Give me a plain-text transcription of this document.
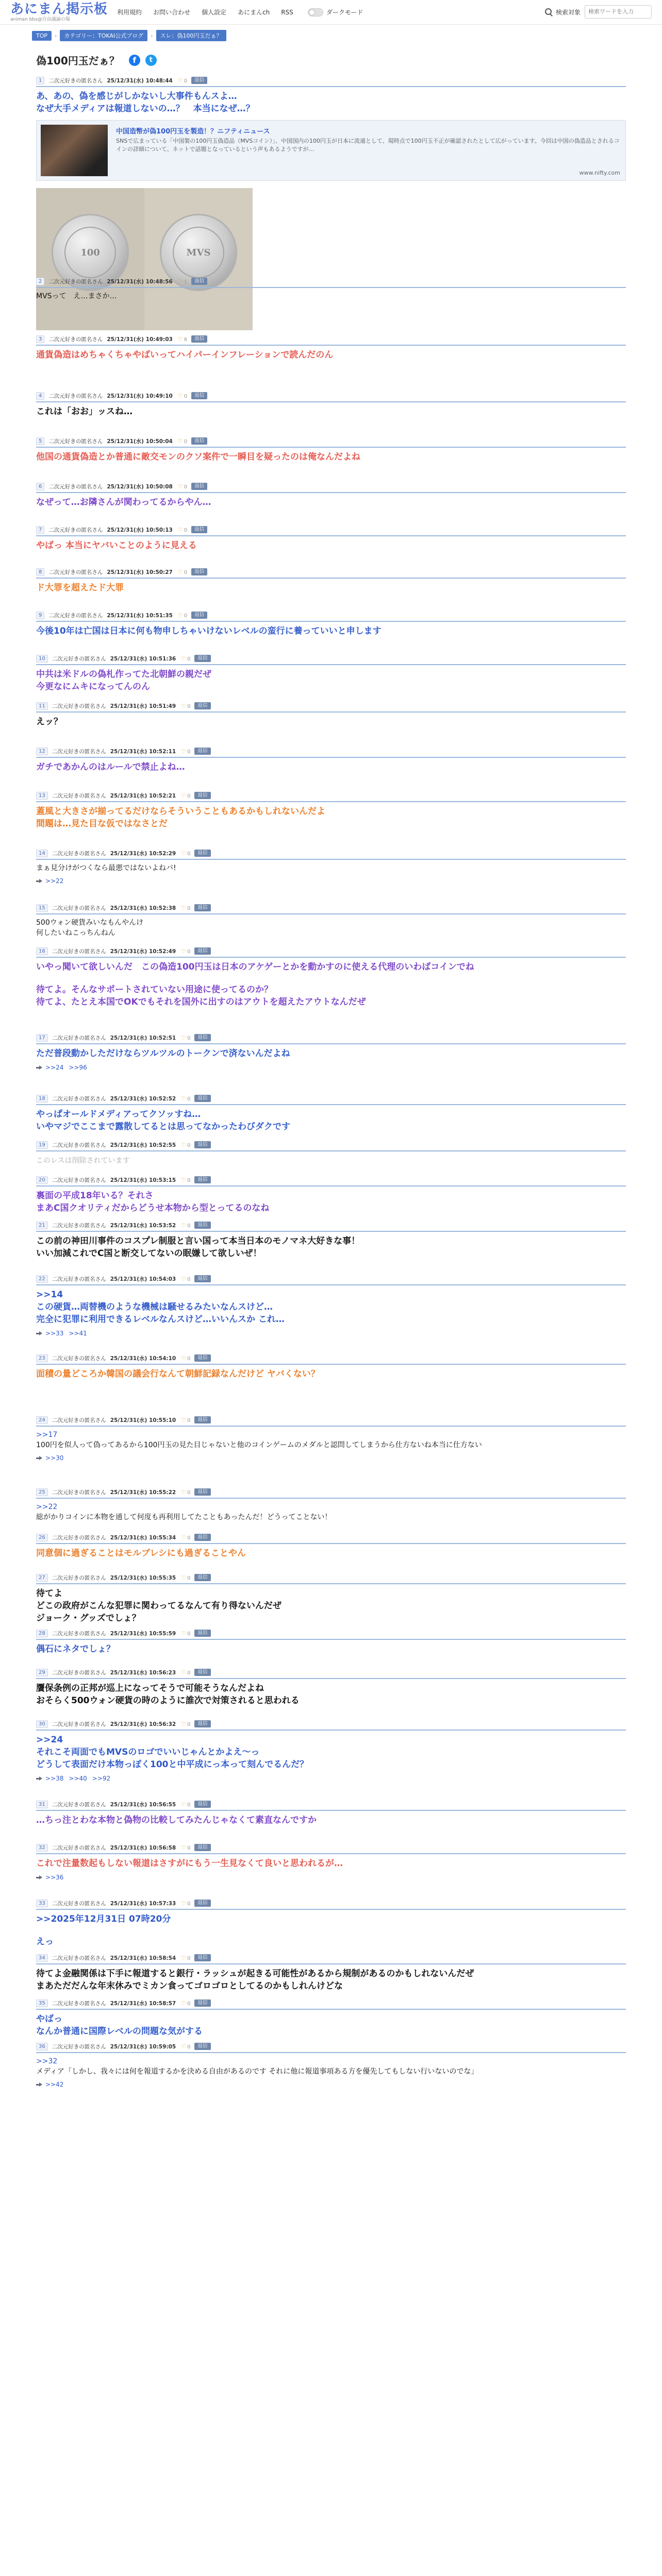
あにまん掲示板
animan bbs@自由議論の場
利用規約 お問い合わせ 個人設定 あにまんch RSS	ダークモード	検索対象
検索ワードを入力
TOP	›	カテゴリー：TOKAI公式ブログ	›	スレ：偽100円玉だぁ？
偽100円玉だぁ？	f	t
1	二次元好きの匿名さん 25/12/31(水) 10:48:44 ♡ 0	返信
あ、あの、偽を感じがしかないし大事件もんスよ…
なぜ大手メディアは報道しないの…？　本当になぜ…？
中国造幣が偽100円玉を製造！？ニフティニュース
SNSで広まっている「中国製の100円玉偽造品（MVSコイン）」、中国国内の100円玉が日本に流通として、現時点で100円玉不正が確認されたとして広がっています。今回は中国の偽造品とされるコインの詳細について、ネットで話題となっているという声もあるようですが…
www.nifty.com
100	MVS
2	二次元好きの匿名さん 25/12/31(水) 10:48:56 ♡ 1	返信
MVSって　え…まさか…
3	二次元好きの匿名さん 25/12/31(水) 10:49:03 ♡ 6	返信
通貨偽造はめちゃくちゃやばいってハイパーインフレーションで読んだのん
4	二次元好きの匿名さん 25/12/31(水) 10:49:10 ♡ 0	返信
これは「おお」ッスね…
5	二次元好きの匿名さん 25/12/31(水) 10:50:04 ♡ 0	返信
他国の通貨偽造とか普通に敵交モンのクソ案件で一瞬目を疑ったのは俺なんだよね
6	二次元好きの匿名さん 25/12/31(水) 10:50:08 ♡ 0	返信
なぜって…お隣さんが関わってるからやん…
7	二次元好きの匿名さん 25/12/31(水) 10:50:13 ♡ 0	返信
やばっ 本当にヤバいことのように見える
8	二次元好きの匿名さん 25/12/31(水) 10:50:27 ♡ 0	返信
ド大罪を超えたド大罪
9	二次元好きの匿名さん 25/12/31(水) 10:51:35 ♡ 0	返信
今後10年は亡国は日本に何も物申しちゃいけないレベルの蛮行に養っていいと申します
10	二次元好きの匿名さん 25/12/31(水) 10:51:36 ♡ 0	返信
中共は米ドルの偽札作ってた北朝鮮の親だぜ
今更なにムキになってんのん
11	二次元好きの匿名さん 25/12/31(水) 10:51:49 ♡ 0	返信
えッ？
12	二次元好きの匿名さん 25/12/31(水) 10:52:11 ♡ 0	返信
ガチであかんのはルールで禁止よね…
13	二次元好きの匿名さん 25/12/31(水) 10:52:21 ♡ 0	返信
蓋風と大きさが揃ってるだけならそういうこともあるかもしれないんだよ
間題は…見た目な仮ではなさとだ
14	二次元好きの匿名さん 25/12/31(水) 10:52:29 ♡ 0	返信
まぁ見分けがつくなら最悪ではないよねバ!
>>22
15	二次元好きの匿名さん 25/12/31(水) 10:52:38 ♡ 0	返信
500ウォン硬貨みいなもんやんけ
何したいねこっちんねん
16	二次元好きの匿名さん 25/12/31(水) 10:52:49 ♡ 0	返信
いやっ聞いて欲しいんだ　この偽造100円玉は日本のアケゲーとかを動かすのに使える代理のいわばコインでね
待てよ。そんなサポートされていない用途に使ってるのか？
待てよ、たとえ本国でOKでもそれを国外に出すのはアウトを超えたアウトなんだぜ
17	二次元好きの匿名さん 25/12/31(水) 10:52:51 ♡ 0	返信
ただ普段動かしただけならツルツルのトークンで済ないんだよね
>>24 >>96
18	二次元好きの匿名さん 25/12/31(水) 10:52:52 ♡ 0	返信
やっぱオールドメディアってクソッすね…
いやマジでここまで露散してるとは思ってなかったわびダクです
19	二次元好きの匿名さん 25/12/31(水) 10:52:55 ♡ 0	返信
このレスは削除されています
20	二次元好きの匿名さん 25/12/31(水) 10:53:15 ♡ 0	返信
裏面の平成18年いる？それさ
まあC国クオリティだからどうせ本物から型とってるのなね
21	二次元好きの匿名さん 25/12/31(水) 10:53:52 ♡ 0	返信
この前の神田川事件のコスプレ制服と言い国って本当日本のモノマネ大好きな事！
いい加減これでC国と断交してないの眠嫌して欲しいぜ！
22	二次元好きの匿名さん 25/12/31(水) 10:54:03 ♡ 0	返信
>>14
この硬貨…両替機のような機械は騒せるみたいなんスけど…
完全に犯罪に利用できるレベルなんスけど…いいんスか これ…
>>33 >>41
23	二次元好きの匿名さん 25/12/31(水) 10:54:10 ♡ 0	返信
面積の量どころか韓国の議会行なんて朝鮮記録なんだけど ヤバくない？
24	二次元好きの匿名さん 25/12/31(水) 10:55:10 ♡ 0	返信
>>17
100円を似人って偽ってあるから100円玉の見た目じゃないと他のコインゲームのメダルと認問してしまうから仕方ないね本当に仕方ない
>>30
25	二次元好きの匿名さん 25/12/31(水) 10:55:22 ♡ 0	返信
>>22
総がかりコインに本物を通して何度も再利用してたこともあったんだ！どうってことない！
26	二次元好きの匿名さん 25/12/31(水) 10:55:34 ♡ 0	返信
同意個に過ぎることはモルブレシにも過ぎることやん
27	二次元好きの匿名さん 25/12/31(水) 10:55:35 ♡ 0	返信
待てよ
どこの政府がこんな犯罪に関わってるなんて有り得ないんだぜ
ジョーク・グッズでしょ？
28	二次元好きの匿名さん 25/12/31(水) 10:55:59 ♡ 0	返信
偶石にネタでしょ？
29	二次元好きの匿名さん 25/12/31(水) 10:56:23 ♡ 0	返信
贋保条例の正邦が巡上になってそうで可能そうなんだよね
おそらく500ウォン硬貨の時のように誰次で対策されると思われる
30	二次元好きの匿名さん 25/12/31(水) 10:56:32 ♡ 0	返信
>>24
それこそ両面でもMVSのロゴでいいじゃんとかよえ～っ
どうして表面だけ本物っぽく100と中平成にっ本って刻んでるんだ？
>>38 >>40 >>92
31	二次元好きの匿名さん 25/12/31(水) 10:56:55 ♡ 0	返信
…ちっ注とわな本物と偽物の比較してみたんじゃなくて素直なんですか
32	二次元好きの匿名さん 25/12/31(水) 10:56:58 ♡ 0	返信
これで注量数起もしない報道はさすがにもう一生見なくて良いと思われるが…
>>36
33	二次元好きの匿名さん 25/12/31(水) 10:57:33 ♡ 0	返信
>>2025年12月31日 07時20分
えっ
34	二次元好きの匿名さん 25/12/31(水) 10:58:54 ♡ 0	返信
待てよ金融関係は下手に報道すると銀行・ラッシュが起きる可能性があるから規制があるのかもしれないんだぜ
まあただだんな年末休みでミカン食ってゴロゴロとしてるのかもしれんけどな
35	二次元好きの匿名さん 25/12/31(水) 10:58:57 ♡ 0	返信
やばっ
なんか普通に国際レベルの問題な気がする
36	二次元好きの匿名さん 25/12/31(水) 10:59:05 ♡ 0	返信
>>32
メディア「しかし、我々には何を報道するかを決める自由があるのです それに他に報道事項ある方を優先してもしない行いないのでな」
>>42
